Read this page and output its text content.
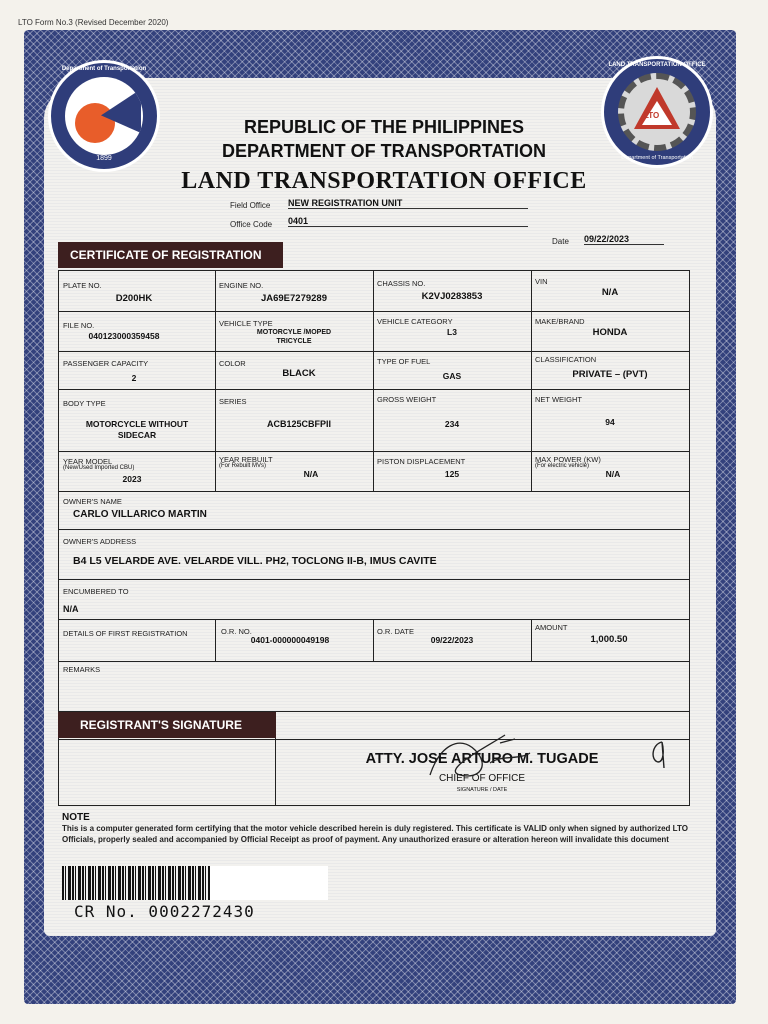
LTO Form No.3 (Revised December 2020)
Department of Transportation
1899
LAND TRANSPORTATION OFFICE
LTO
Department of Transportation
REPUBLIC OF THE PHILIPPINES
DEPARTMENT OF TRANSPORTATION
LAND TRANSPORTATION OFFICE
Field Office NEW REGISTRATION UNIT
Office Code 0401
Date 09/22/2023
CERTIFICATE OF REGISTRATION
PLATE NO.
D200HK
ENGINE NO.
JA69E7279289
CHASSIS NO.
K2VJ0283853
VIN
N/A
FILE NO.
040123000359458
VEHICLE TYPE
MOTORCYLE /MOPED
TRICYCLE
VEHICLE CATEGORY
L3
MAKE/BRAND
HONDA
PASSENGER CAPACITY
2
COLOR
BLACK
TYPE OF FUEL
GAS
CLASSIFICATION
PRIVATE – (PVT)
BODY TYPE
MOTORCYCLE WITHOUT
SIDECAR
SERIES
ACB125CBFPII
GROSS WEIGHT
234
NET WEIGHT
94
YEAR MODEL
(New/Used Imported CBU)
2023
YEAR REBUILT
(For Rebuilt MVs)
N/A
PISTON DISPLACEMENT
125
MAX POWER (KW)
(For electric vehicle)
N/A
OWNER'S NAME
CARLO VILLARICO MARTIN
OWNER'S ADDRESS
B4 L5 VELARDE AVE. VELARDE VILL. PH2, TOCLONG II-B, IMUS CAVITE
ENCUMBERED TO
N/A
DETAILS OF FIRST REGISTRATION	O.R. NO.
0401-000000049198
O.R. DATE
09/22/2023
AMOUNT
1,000.50
REMARKS
ATTY. JOSE ARTURO M. TUGADE
CHIEF OF OFFICE
SIGNATURE / DATE
REGISTRANT'S SIGNATURE
NOTE
This is a computer generated form certifying that the motor vehicle described herein is duly registered. This certificate is VALID only when signed by authorized LTO Officials, properly sealed and accompanied by Official Receipt as proof of payment. Any unauthorized erasure or alteration hereon will invalidate this document
CR No. 0002272430
